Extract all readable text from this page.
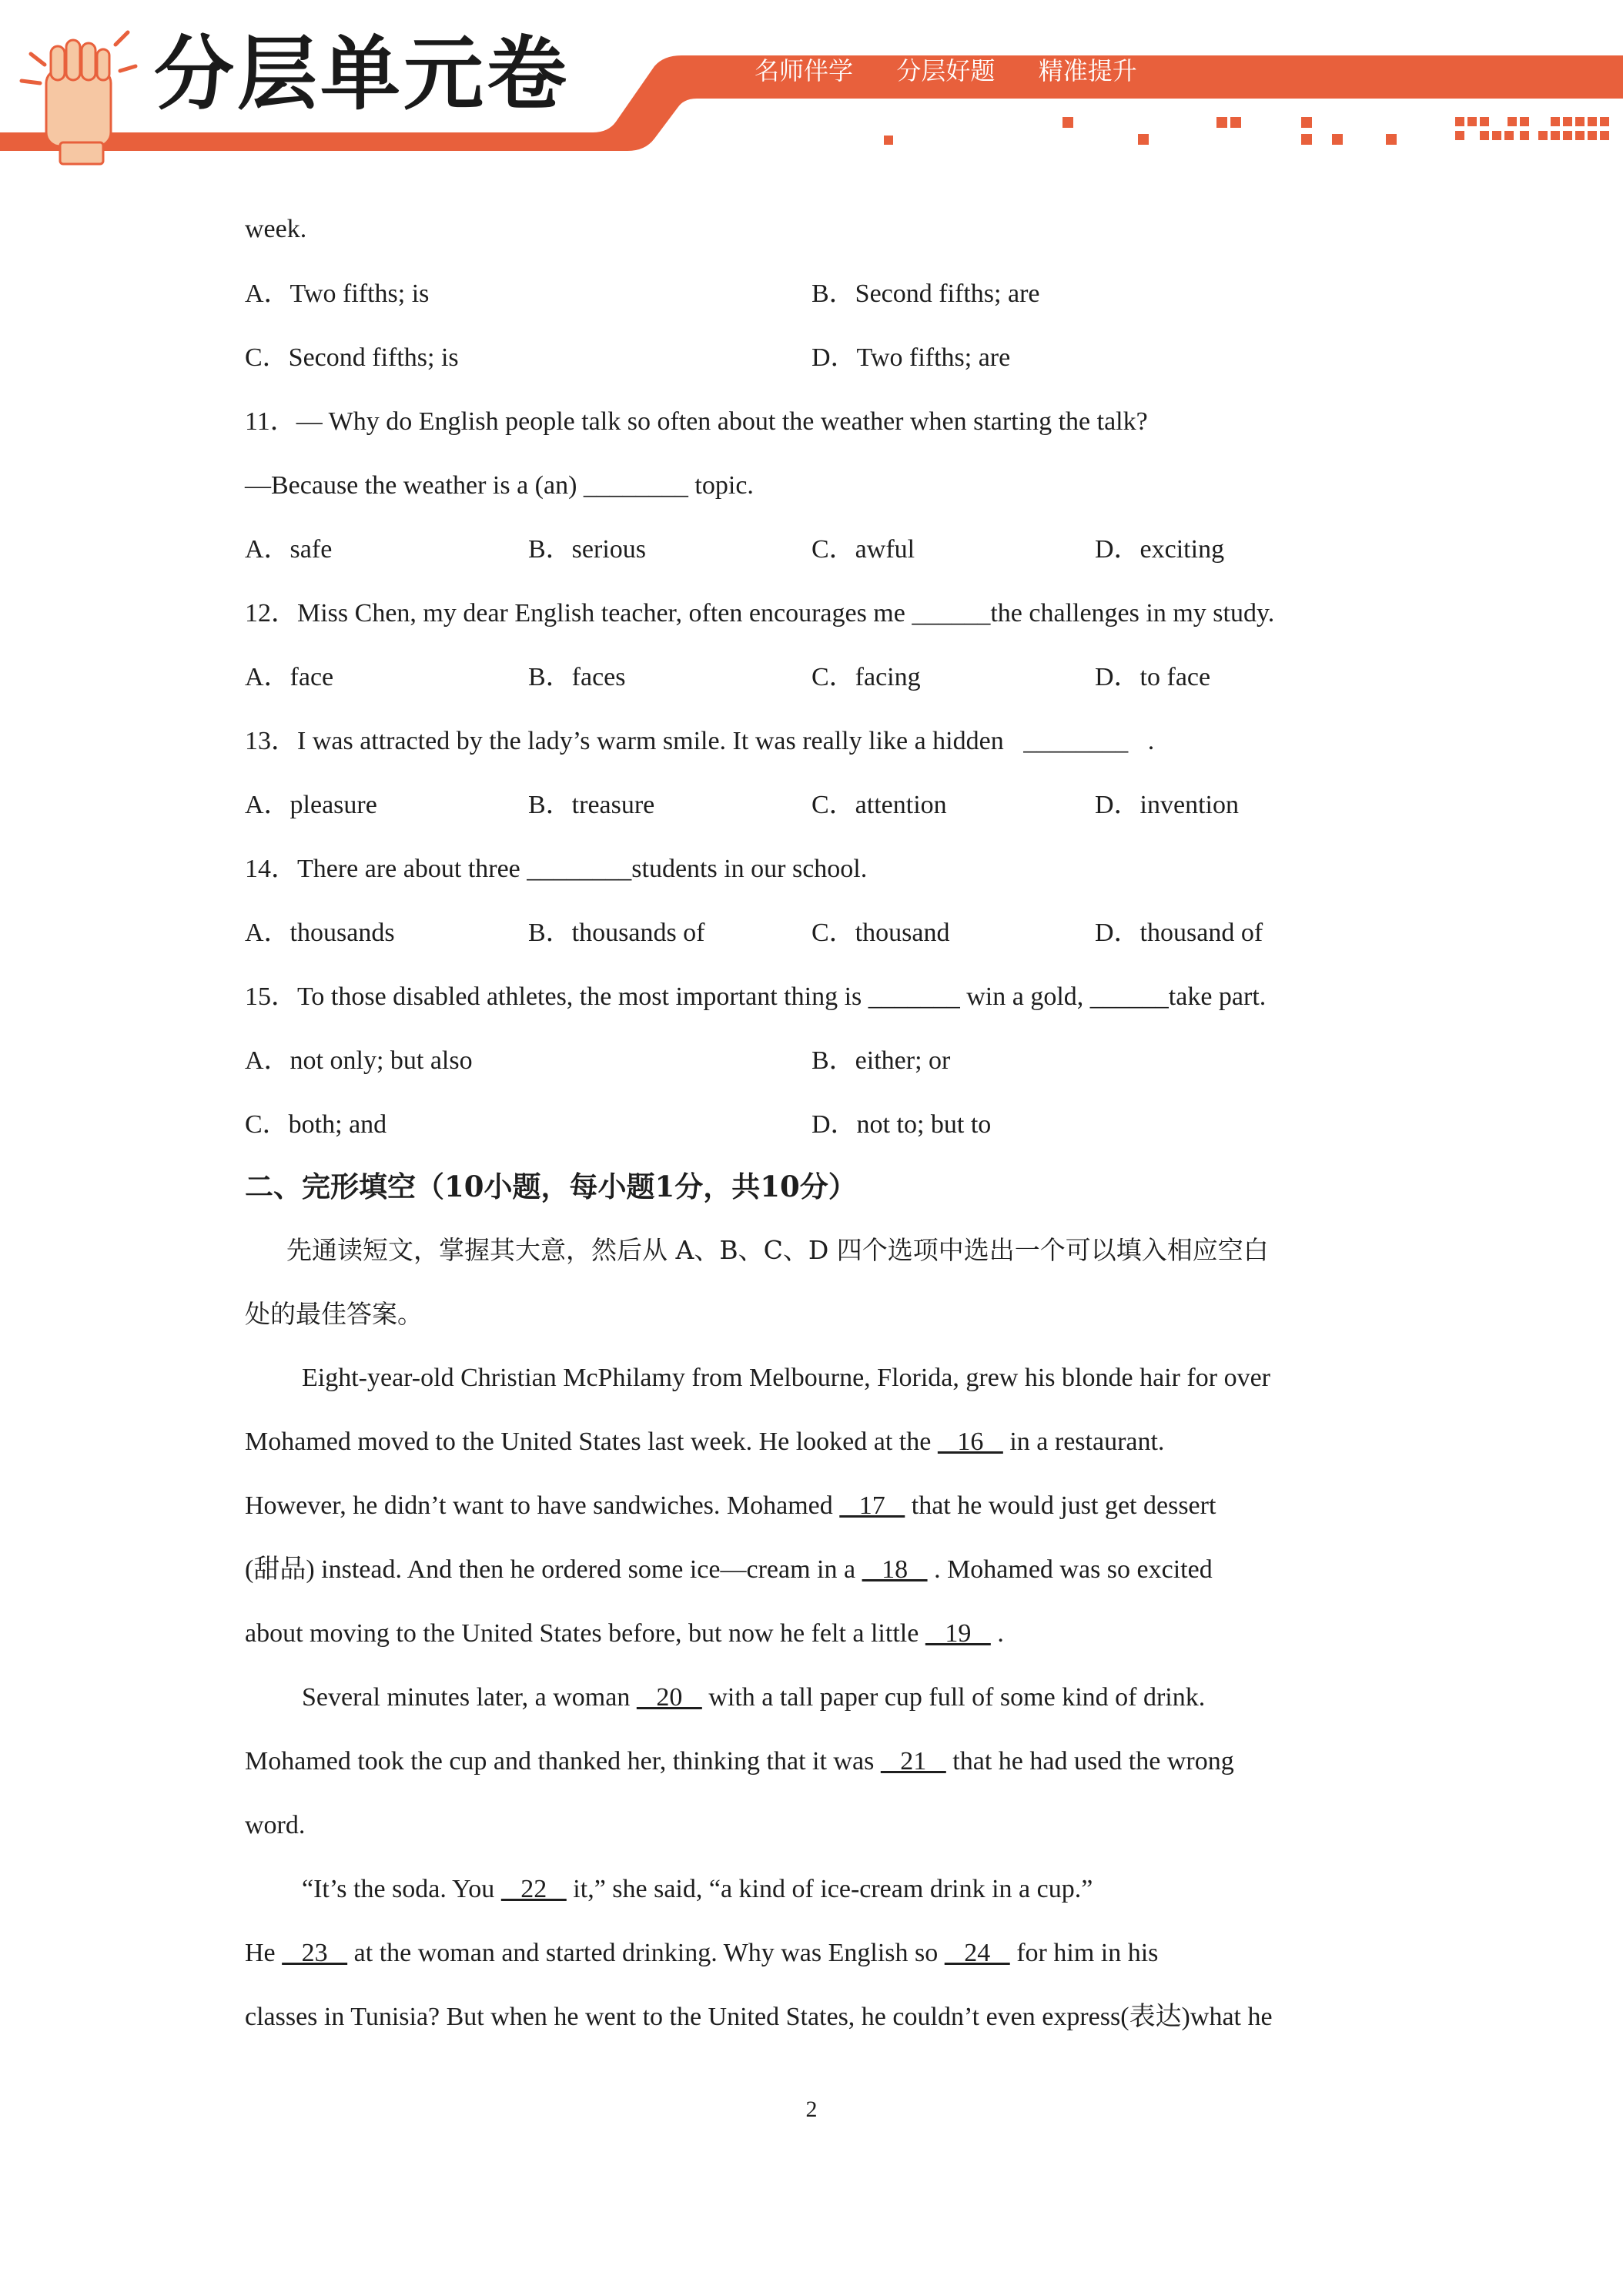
分层单元卷	名师伴学  分层好题  精准提升
week.
A．Two fifths; is	B．Second fifths; are
C．Second fifths; is	D．Two fifths; are
11．— Why do English people talk so often about the weather when starting the talk?
—Because the weather is a (an) ________ topic.
A．safe	B．serious	C．awful	D．exciting
12．Miss Chen, my dear English teacher, often encourages me ______the challenges in my study.
A．face	B．faces	C．facing	D．to face
13．I was attracted by the lady’s warm smile. It was really like a hidden   ________   .
A．pleasure	B．treasure	C．attention	D．invention
14．There are about three ________students in our school.
A．thousands	B．thousands of	C．thousand	D．thousand of
15．To those disabled athletes, the most important thing is _______ win a gold, ______take part.
A．not only; but also	B．either; or
C．both; and	D．not to; but to
二、完形填空（10小题，每小题1分，共10分）
先通读短文，掌握其大意，然后从 A、B、C、D 四个选项中选出一个可以填入相应空白
处的最佳答案。
Eight-year-old Christian McPhilamy from Melbourne, Florida, grew his blonde hair for over
Mohamed moved to the United States last week. He looked at the    16    in a restaurant.
However, he didn’t want to have sandwiches. Mohamed    17    that he would just get dessert
(甜品) instead. And then he ordered some ice—cream in a    18    . Mohamed was so excited
about moving to the United States before, but now he felt a little    19    .
Several minutes later, a woman    20    with a tall paper cup full of some kind of drink.
Mohamed took the cup and thanked her, thinking that it was    21    that he had used the wrong
word.
“It’s the soda. You    22    it,” she said, “a kind of ice-cream drink in a cup.”
He    23    at the woman and started drinking. Why was English so    24    for him in his
classes in Tunisia? But when he went to the United States, he couldn’t even express(表达)what he
2
